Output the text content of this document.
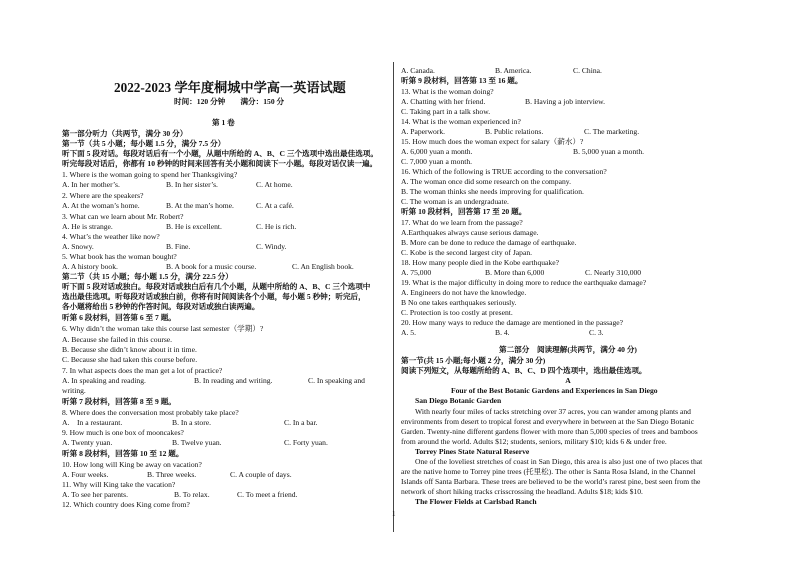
2022-2023 学年度桐城中学高一英语试题
时间：120 分钟　　满分：150 分
第 1 卷
第一部分听力（共两节，满分 30 分）
第一节（共 5 小题；每小题 1.5 分，满分 7.5 分）
听下面 5 段对话。每段对话后有一个小题，从题中所给的 A、B、C 三个选项中选出最佳选项。
听完每段对话后，你都有 10 秒钟的时间来回答有关小题和阅读下一小题。每段对话仅读一遍。
1. Where is the woman going to spend her Thanksgiving?
A. In her mother’s.	B. In her sister’s.	C. At home.
2. Where are the speakers?
A. At the woman’s home.	B. At the man’s home.	C. At a café.
3. What can we learn about Mr. Robert?
A. He is strange.	B. He is excellent.	C. He is rich.
4. What’s the weather like now?
A. Snowy.	B. Fine.	C. Windy.
5. What book has the woman bought?
A. A history book.	B. A book for a music course.	C. An English book.
第二节（共 15 小题；每小题 1.5 分，满分 22.5 分）
听下面 5 段对话或独白。每段对话或独白后有几个小题，从题中所给的 A、B、C 三个选项中
选出最佳选项。听每段对话或独白前，你将有时间阅读各个小题，每小题 5 秒钟；听完后，
各小题将给出 5 秒钟的作答时间。每段对话或独白读两遍。
听第 6 段材料，回答第 6 至 7 题。
6. Why didn’t the woman take this course last semester（学期）?
A. Because she failed in this course.
B. Because she didn’t know about it in time.
C. Because she had taken this course before.
7. In what aspects does the man get a lot of practice?
A. In speaking and reading.	B. In reading and writing.	C. In speaking and
writing.
听第 7 段材料，回答第 8 至 9 题。
8. Where does the conversation most probably take place?
A.　In a restaurant.	B. In a store.	C. In a bar.
9. How much is one box of mooncakes?
A. Twenty yuan.	B. Twelve yuan.	C. Forty yuan.
听第 8 段材料，回答第 10 至 12 题。
10. How long will King be away on vacation?
A. Four weeks.	B. Three weeks.	C. A couple of days.
11. Why will King take the vacation?
A. To see her parents.	B. To relax.	C. To meet a friend.
12. Which country does King come from?
A. Canada.	B. America.	C. China.
听第 9 段材料，回答第 13 至 16 题。
13. What is the woman doing?
A. Chatting with her friend.	B. Having a job interview.
C. Taking part in a talk show.
14. What is the woman experienced in?
A. Paperwork.	B. Public relations.	C. The marketing.
15. How much does the woman expect for salary（薪水）?
A. 6,000 yuan a month.	B. 5,000 yuan a month.
C. 7,000 yuan a month.
16. Which of the following is TRUE according to the conversation?
A. The woman once did some research on the company.
B. The woman thinks she needs improving for qualification.
C. The woman is an undergraduate.
听第 10 段材料，回答第 17 至 20 题。
17. What do we learn from the passage?
A.Earthquakes always cause serious damage.
B. More can be done to reduce the damage of earthquake.
C. Kobe is the second largest city of Japan.
18. How many people died in the Kobe earthquake?
A. 75,000	B. More than 6,000	C. Nearly 310,000
19. What is the major difficulty in doing more to reduce the earthquake damage?
A. Engineers do not have the knowledge.
B No one takes earthquakes seriously.
C. Protection is too costly at present.
20. How many ways to reduce the damage are mentioned in the passage?
A. 5.	B. 4.	C. 3.
第二部分　阅读理解(共两节，满分 40 分)
第一节(共 15 小题;每小题 2 分，满分 30 分)
阅读下列短文，从每题所给的 A、B、C、D 四个选项中，选出最佳选项。
A
Four of the Best Botanic Gardens and Experiences in San Diego
San Diego Botanic Garden
With nearly four miles of tacks stretching over 37 acres, you can wander among plants and
environments from desert to tropical forest and everywhere in between at the San Diego Botanic
Garden. Twenty-nine different gardens flower with more than 5,000 species of trees and bamboos
from around the world. Adults $12; students, seniors, military $10; kids 6 & under free.
Torrey Pines State Natural Reserve
One of the loveliest stretches of coast in San Diego, this area is also just one of two places that
are the native home to Torrey pine trees (托里松). The other is Santa Rosa Island, in the Channel
Islands off Santa Barbara. These trees are believed to be the world’s rarest pine, best seen from the
network of short hiking tracks crisscrossing the headland. Adults $18; kids $10.
The Flower Fields at Carlsbad Ranch
1
